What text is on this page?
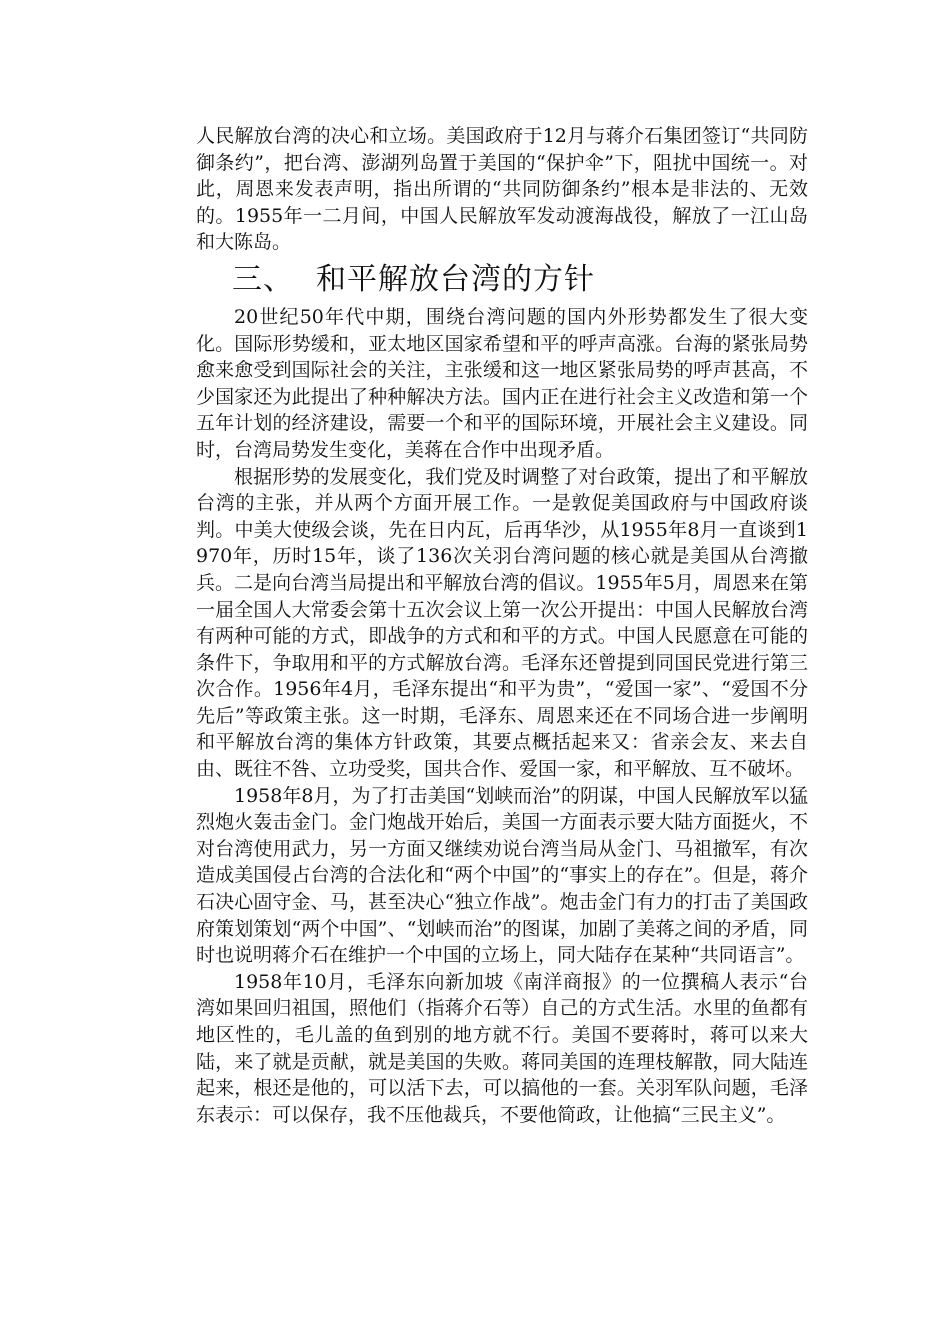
人民解放台湾的决心和立场。美国政府于12月与蒋介石集团签订“共同防御条约”，把台湾、澎湖列岛置于美国的“保护伞”下，阻扰中国统一。对此，周恩来发表声明，指出所谓的“共同防御条约”根本是非法的、无效的。1955年一二月间，中国人民解放军发动渡海战役，解放了一江山岛和大陈岛。

三、 和平解放台湾的方针

20世纪50年代中期，围绕台湾问题的国内外形势都发生了很大变化。国际形势缓和，亚太地区国家希望和平的呼声高涨。台海的紧张局势愈来愈受到国际社会的关注，主张缓和这一地区紧张局势的呼声甚高，不少国家还为此提出了种种解决方法。国内正在进行社会主义改造和第一个五年计划的经济建设，需要一个和平的国际环境，开展社会主义建设。同时，台湾局势发生变化，美蒋在合作中出现矛盾。

根据形势的发展变化，我们党及时调整了对台政策，提出了和平解放台湾的主张，并从两个方面开展工作。一是敦促美国政府与中国政府谈判。中美大使级会谈，先在日内瓦，后再华沙，从1955年8月一直谈到1970年，历时15年，谈了136次关羽台湾问题的核心就是美国从台湾撤兵。二是向台湾当局提出和平解放台湾的倡议。1955年5月，周恩来在第一届全国人大常委会第十五次会议上第一次公开提出：中国人民解放台湾有两种可能的方式，即战争的方式和和平的方式。中国人民愿意在可能的条件下，争取用和平的方式解放台湾。毛泽东还曾提到同国民党进行第三次合作。1956年4月，毛泽东提出“和平为贵”，“爱国一家”、“爱国不分先后”等政策主张。这一时期，毛泽东、周恩来还在不同场合进一步阐明和平解放台湾的集体方针政策，其要点概括起来又：省亲会友、来去自由、既往不咎、立功受奖，国共合作、爱国一家，和平解放、互不破坏。

1958年8月，为了打击美国“划峡而治”的阴谋，中国人民解放军以猛烈炮火轰击金门。金门炮战开始后，美国一方面表示要大陆方面挺火，不对台湾使用武力，另一方面又继续劝说台湾当局从金门、马祖撤军，有次造成美国侵占台湾的合法化和“两个中国”的“事实上的存在”。但是，蒋介石决心固守金、马，甚至决心“独立作战”。炮击金门有力的打击了美国政府策划策划“两个中国”、“划峡而治”的图谋，加剧了美蒋之间的矛盾，同时也说明蒋介石在维护一个中国的立场上，同大陆存在某种“共同语言”。

1958年10月，毛泽东向新加坡《南洋商报》的一位撰稿人表示“台湾如果回归祖国，照他们（指蒋介石等）自己的方式生活。水里的鱼都有地区性的，毛儿盖的鱼到别的地方就不行。美国不要蒋时，蒋可以来大陆，来了就是贡献，就是美国的失败。蒋同美国的连理枝解散，同大陆连起来，根还是他的，可以活下去，可以搞他的一套。关羽军队问题，毛泽东表示：可以保存，我不压他裁兵，不要他简政，让他搞“三民主义”。
